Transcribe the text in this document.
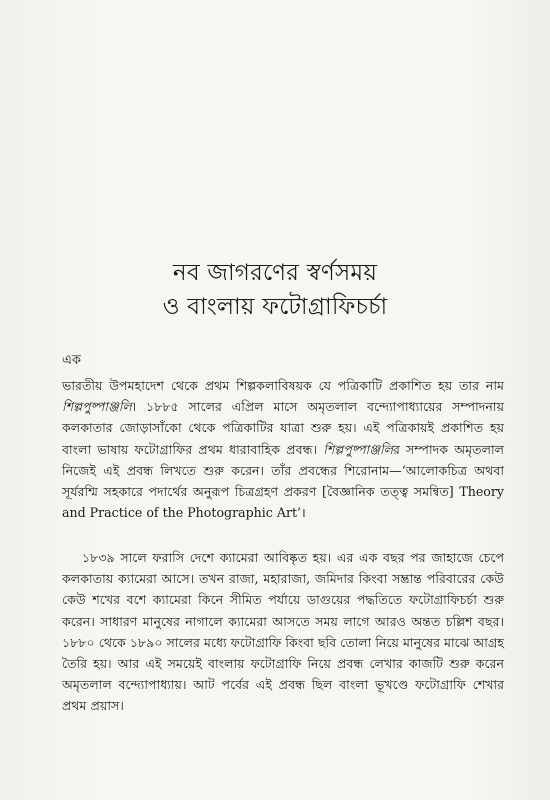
নব জাগরণের স্বর্ণসময়
ও বাংলায় ফটোগ্রাফিচর্চা
এক

ভারতীয় উপমহাদেশ থেকে প্রথম শিল্পকলাবিষয়ক যে পত্রিকাটি প্রকাশিত হয় তার নাম শিল্পপুষ্পাঞ্জলি। ১৮৮৫ সালের এপ্রিল মাসে অমৃতলাল বন্দ্যোপাধ্যায়ের সম্পাদনায় কলকাতার জোড়াসাঁকো থেকে পত্রিকাটির যাত্রা শুরু হয়। এই পত্রিকায়ই প্রকাশিত হয় বাংলা ভাষায় ফটোগ্রাফির প্রথম ধারাবাহিক প্রবন্ধ। শিল্পপুষ্পাঞ্জলির সম্পাদক অমৃতলাল নিজেই এই প্রবন্ধ লিখতে শুরু করেন। তাঁর প্রবন্ধের শিরোনাম—‘আলোকচিত্র অথবা সূর্যরশ্মি সহকারে পদার্থের অনুরূপ চিত্রগ্রহণ প্রকরণ [বৈজ্ঞানিক তত্ত্ব সমন্বিত] Theory and Practice of the Photographic Art’।

১৮৩৯ সালে ফরাসি দেশে ক্যামেরা আবিষ্কৃত হয়। এর এক বছর পর জাহাজে চেপে কলকাতায় ক্যামেরা আসে। তখন রাজা, মহারাজা, জমিদার কিংবা সম্ভ্রান্ত পরিবারের কেউ কেউ শখের বশে ক্যামেরা কিনে সীমিত পর্যায়ে ডাগুয়ের পদ্ধতিতে ফটোগ্রাফিচর্চা শুরু করেন। সাধারণ মানুষের নাগালে ক্যামেরা আসতে সময় লাগে আরও অন্তত চল্লিশ বছর। ১৮৮০ থেকে ১৮৯০ সালের মধ্যে ফটোগ্রাফি কিংবা ছবি তোলা নিয়ে মানুষের মাঝে আগ্রহ তৈরি হয়। আর এই সময়েই বাংলায় ফটোগ্রাফি নিয়ে প্রবন্ধ লেখার কাজটি শুরু করেন অমৃতলাল বন্দ্যোপাধ্যায়। আট পর্বের এই প্রবন্ধ ছিল বাংলা ভূখণ্ডে ফটোগ্রাফি শেখার প্রথম প্রয়াস।
